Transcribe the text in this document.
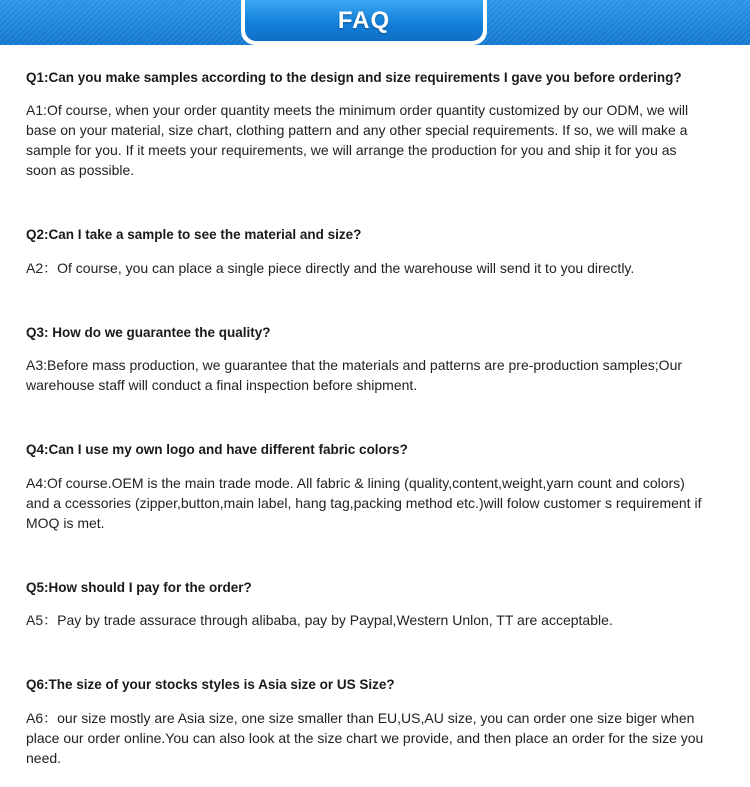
FAQ

Q1:Can you make samples according to the design and size requirements I gave you before ordering?

A1:Of course, when your order quantity meets the minimum order quantity customized by our ODM, we will base on your material, size chart, clothing pattern and any other special requirements. If so, we will make a sample for you. If it meets your requirements, we will arrange the production for you and ship it for you as soon as possible.

Q2:Can I take a sample to see the material and size?

A2：Of course, you can place a single piece directly and the warehouse will send it to you directly.

Q3: How do we guarantee the quality?

A3:Before mass production, we guarantee that the materials and patterns are pre-production samples;Our warehouse staff will conduct a final inspection before shipment.

Q4:Can I use my own logo and have different fabric colors?

A4:Of course.OEM is the main trade mode. All fabric & lining (quality,content,weight,yarn count and colors) and a ccessories (zipper,button,main label, hang tag,packing method etc.)will folow customer s requirement if MOQ is met.

Q5:How should I pay for the order?

A5：Pay by trade assurace through alibaba, pay by Paypal,Western Unlon, TT are acceptable.

Q6:The size of your stocks styles is Asia size or US Size?

A6：our size mostly are Asia size, one size smaller than EU,US,AU size, you can order one size biger when place our order online.You can also look at the size chart we provide, and then place an order for the size you need.
